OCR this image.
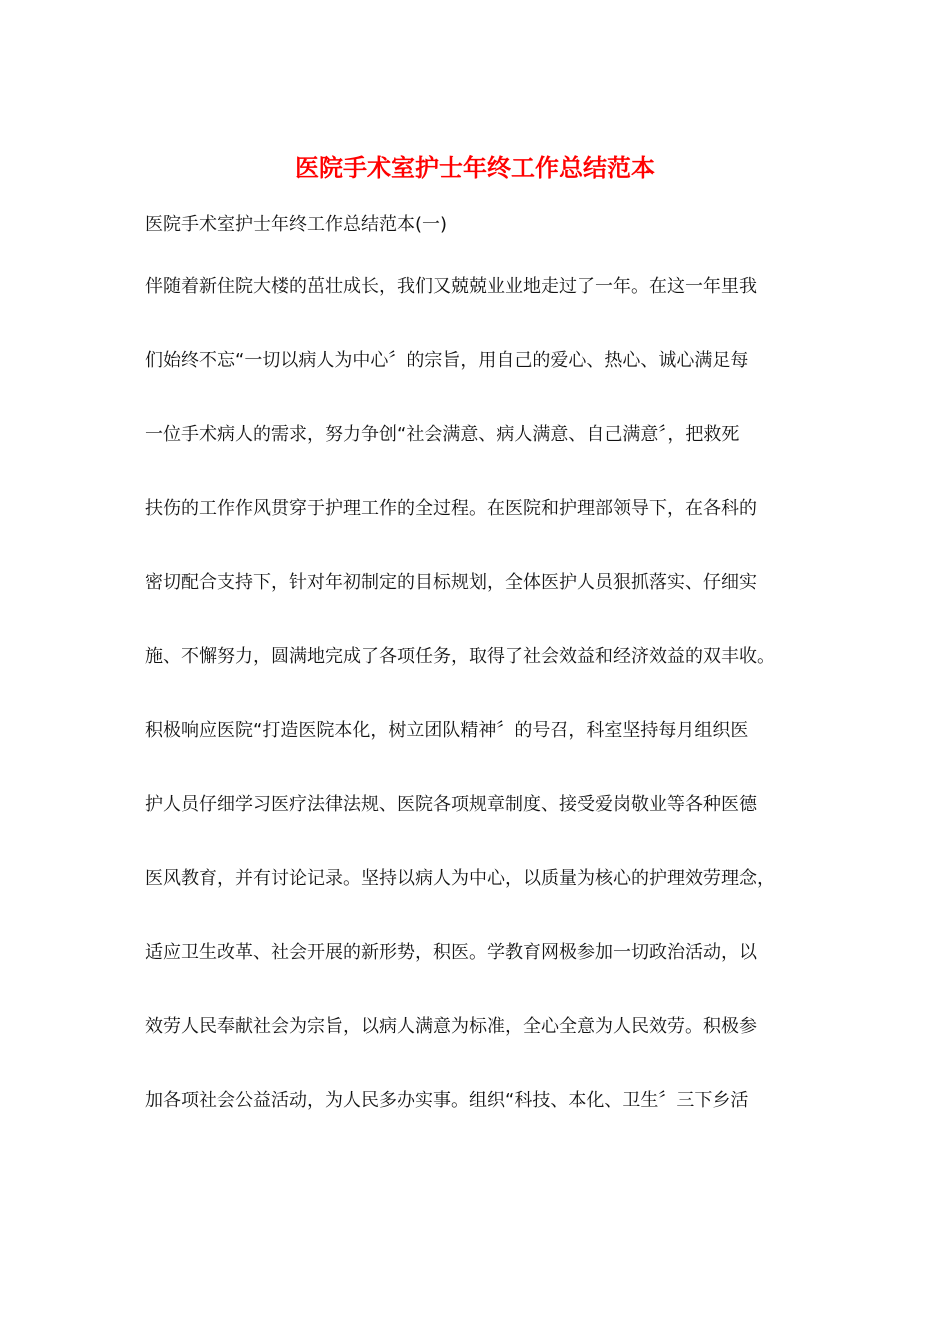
医院手术室护士年终工作总结范本

医院手术室护士年终工作总结范本(一)

伴随着新住院大楼的茁壮成长，我们又兢兢业业地走过了一年。在这一年里我
们始终不忘“一切以病人为中心〞的宗旨，用自己的爱心、热心、诚心满足每
一位手术病人的需求，努力争创“社会满意、病人满意、自己满意〞，把救死
扶伤的工作作风贯穿于护理工作的全过程。在医院和护理部领导下，在各科的
密切配合支持下，针对年初制定的目标规划，全体医护人员狠抓落实、仔细实
施、不懈努力，圆满地完成了各项任务，取得了社会效益和经济效益的双丰收。
积极响应医院“打造医院本化，树立团队精神〞的号召，科室坚持每月组织医
护人员仔细学习医疗法律法规、医院各项规章制度、接受爱岗敬业等各种医德
医风教育，并有讨论记录。坚持以病人为中心，以质量为核心的护理效劳理念，
适应卫生改革、社会开展的新形势，积医。学教育网极参加一切政治活动，以
效劳人民奉献社会为宗旨，以病人满意为标准，全心全意为人民效劳。积极参
加各项社会公益活动，为人民多办实事。组织“科技、本化、卫生〞三下乡活
